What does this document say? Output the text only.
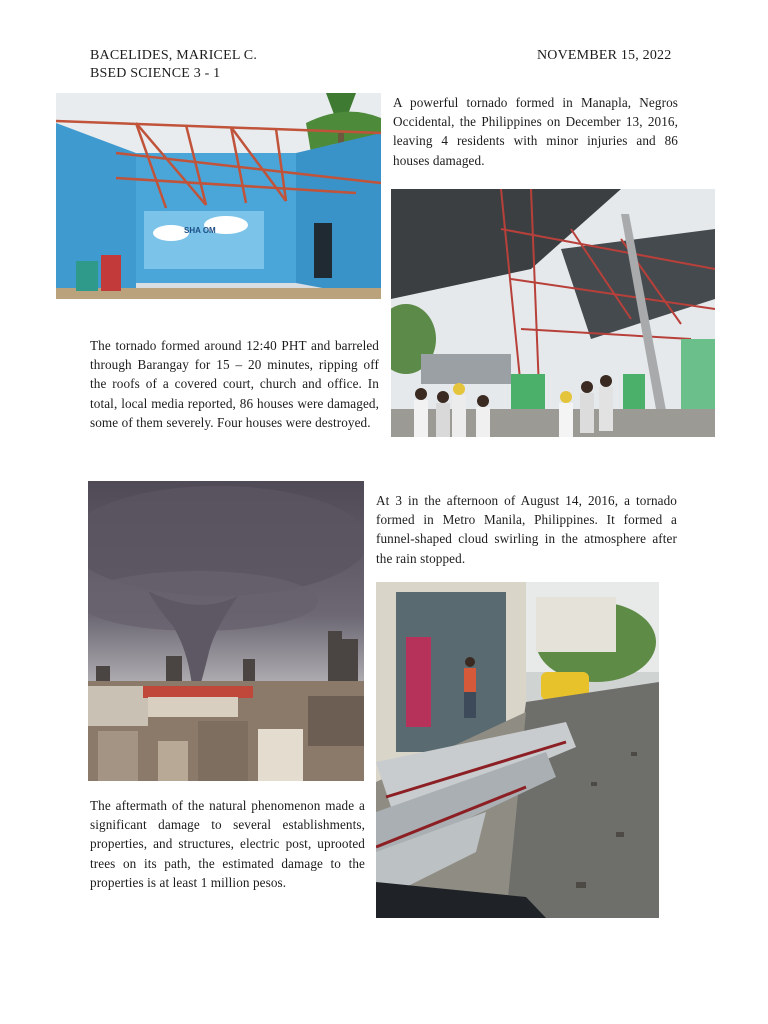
BACELIDES, MARICEL C.
BSED SCIENCE 3 - 1
NOVEMBER 15, 2022
SHA OM
A powerful tornado formed in Manapla, Negros Occidental, the Philippines on December 13, 2016, leaving 4 residents with minor injuries and 86 houses damaged.
The tornado formed around 12:40 PHT and barreled through Barangay for 15 – 20 minutes, ripping off the roofs of a covered court, church and office. In total, local media reported, 86 houses were damaged, some of them severely. Four houses were destroyed.
At 3 in the afternoon of August 14, 2016, a tornado formed in Metro Manila, Philippines. It formed a funnel-shaped cloud swirling in the atmosphere after the rain stopped.
The aftermath of the natural phenomenon made a significant damage to several establishments, properties, and structures, electric post, uprooted trees on its path, the estimated damage to the properties is at least 1 million pesos.
